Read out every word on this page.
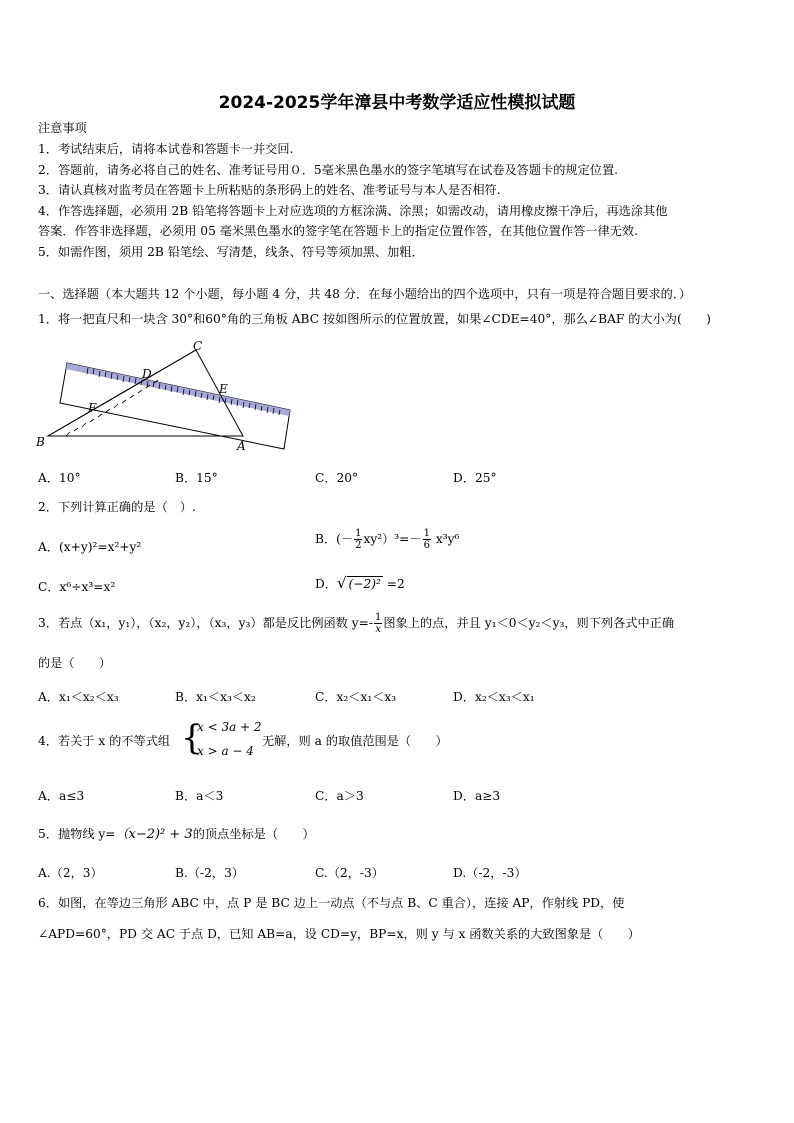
2024-2025学年漳县中考数学适应性模拟试题
注意事项
1．考试结束后，请将本试卷和答题卡一并交回.
2．答题前，请务必将自己的姓名、准考证号用０．5毫米黑色墨水的签字笔填写在试卷及答题卡的规定位置.
3．请认真核对监考员在答题卡上所粘贴的条形码上的姓名、准考证号与本人是否相符.
4．作答选择题，必须用 2B 铅笔将答题卡上对应选项的方框涂满、涂黑；如需改动，请用橡皮擦干净后，再选涂其他
答案．作答非选择题，必须用 05 毫米黑色墨水的签字笔在答题卡上的指定位置作答，在其他位置作答一律无效.
5．如需作图，须用 2B 铅笔绘、写清楚，线条、符号等须加黑、加粗．
一、选择题（本大题共 12 个小题，每小题 4 分，共 48 分．在每小题给出的四个选项中，只有一项是符合题目要求的．）
1．将一把直尺和一块含 30°和60°角的三角板 ABC 按如图所示的位置放置，如果∠CDE=40°，那么∠BAF 的大小为(　　)
C
D
E
F
B	A
A．10°	B．15°	C．20°	D．25°
2．下列计算正确的是（　）.
A．(x+y)²=x²+y²
B．(－ $\frac{1}{2} xy^2)^3=- \frac{1}{6} x^3y^6$
C．x⁶÷x³=x²	D．√ (−2)² =2
3．若点（x₁，y₁），（x₂，y₂），（x₃，y₃）都是反比例函数 $y=- \frac{1}{x}$ 图象上的点，并且 y₁＜0＜y₂＜y₃，则下列各式中正确
的是（　　）
A．x₁＜x₂＜x₃	B．x₁＜x₃＜x₂	C．x₂＜x₁＜x₃	D．x₂＜x₃＜x₁
4．若关于 x 的不等式组 {
x < 3a + 2
x > a − 4
无解，则 a 的取值范围是（　　）
A．a≤3	B．a＜3	C．a＞3	D．a≥3
5．抛物线 y=（x−2)² + 3的顶点坐标是（　　）
A.（2，3）	B.（-2，3）	C.（2，-3）	D.（-2，-3）
6．如图，在等边三角形 ABC 中，点 P 是 BC 边上一动点（不与点 B、C 重合），连接 AP，作射线 PD，使
∠APD=60°，PD 交 AC 于点 D，已知 AB=a，设 CD=y，BP=x，则 y 与 x 函数关系的大致图象是（　　）
